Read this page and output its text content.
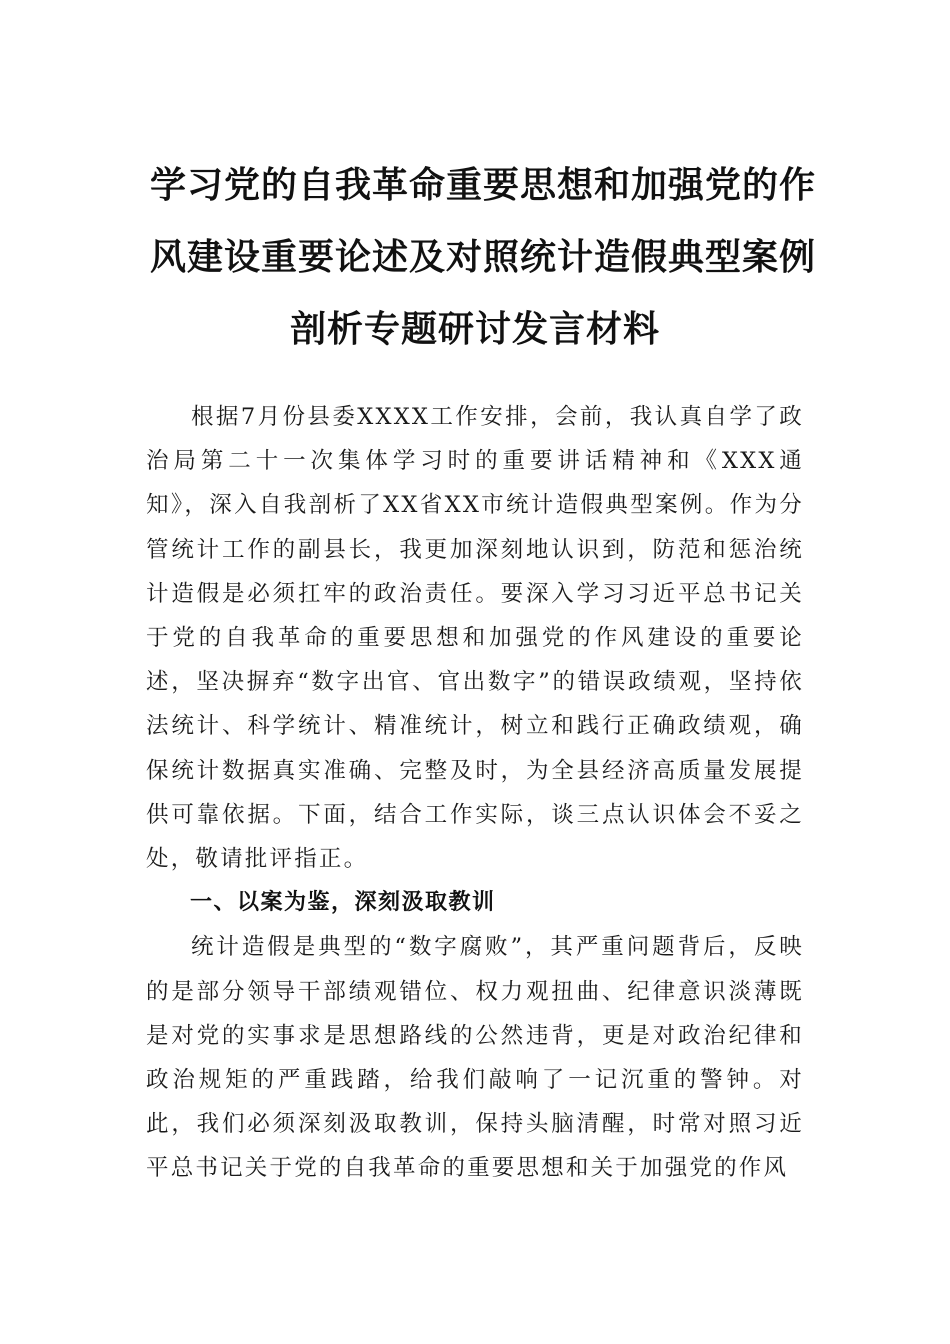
学习党的自我革命重要思想和加强党的作
风建设重要论述及对照统计造假典型案例
剖析专题研讨发言材料

根据7月份县委XXXX工作安排，会前，我认真自学了政治局第二十一次集体学习时的重要讲话精神和《XXX通知》，深入自我剖析了XX省XX市统计造假典型案例。作为分管统计工作的副县长，我更加深刻地认识到，防范和惩治统计造假是必须扛牢的政治责任。要深入学习习近平总书记关于党的自我革命的重要思想和加强党的作风建设的重要论述，坚决摒弃“数字出官、官出数字”的错误政绩观，坚持依法统计、科学统计、精准统计，树立和践行正确政绩观，确保统计数据真实准确、完整及时，为全县经济高质量发展提供可靠依据。下面，结合工作实际，谈三点认识体会不妥之处，敬请批评指正。

一、以案为鉴，深刻汲取教训

统计造假是典型的“数字腐败”，其严重问题背后，反映的是部分领导干部绩观错位、权力观扭曲、纪律意识淡薄既是对党的实事求是思想路线的公然违背，更是对政治纪律和政治规矩的严重践踏，给我们敲响了一记沉重的警钟。对此，我们必须深刻汲取教训，保持头脑清醒，时常对照习近平总书记关于党的自我革命的重要思想和关于加强党的作风
